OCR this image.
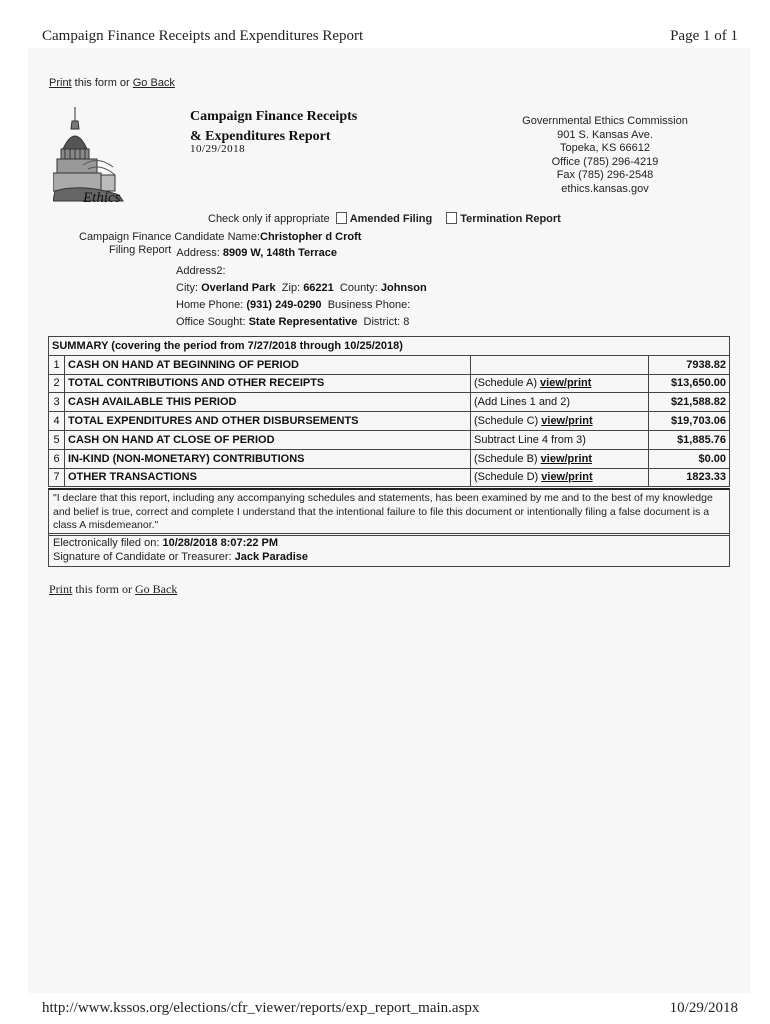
Campaign Finance Receipts and Expenditures Report	Page 1 of 1
Print this form or Go Back
Ethics
Campaign Finance Receipts
& Expenditures Report
10/29/2018
Governmental Ethics Commission
901 S. Kansas Ave.
Topeka, KS 66612
Office (785) 296-4219
Fax (785) 296-2548
ethics.kansas.gov
Check only if appropriate Amended Filing	Termination Report
Campaign Finance Candidate Name:Christopher d Croft
Filing Report Address: 8909 W, 148th Terrace
Address2:
City: Overland Park Zip: 66221 County: Johnson
Home Phone: (931) 249-0290 Business Phone:
Office Sought: State Representative District: 8
SUMMARY (covering the period from 7/27/2018 through 10/25/2018)			
1	CASH ON HAND AT BEGINNING OF PERIOD		7938.82
2	TOTAL CONTRIBUTIONS AND OTHER RECEIPTS	(Schedule A) view/print	$13,650.00
3	CASH AVAILABLE THIS PERIOD	(Add Lines 1 and 2)	$21,588.82
4	TOTAL EXPENDITURES AND OTHER DISBURSEMENTS	(Schedule C) view/print	$19,703.06
5	CASH ON HAND AT CLOSE OF PERIOD	Subtract Line 4 from 3)	$1,885.76
6	IN-KIND (NON-MONETARY) CONTRIBUTIONS	(Schedule B) view/print	$0.00
7	OTHER TRANSACTIONS	(Schedule D) view/print	1823.33
"I declare that this report, including any accompanying schedules and statements, has been examined by me and to the best of my knowledge and belief is true, correct and complete I understand that the intentional failure to file this document or intentionally filing a false document is a class A misdemeanor."
Electronically filed on: 10/28/2018 8:07:22 PM
Signature of Candidate or Treasurer: Jack Paradise
Print this form or Go Back
http://www.kssos.org/elections/cfr_viewer/reports/exp_report_main.aspx	10/29/2018
